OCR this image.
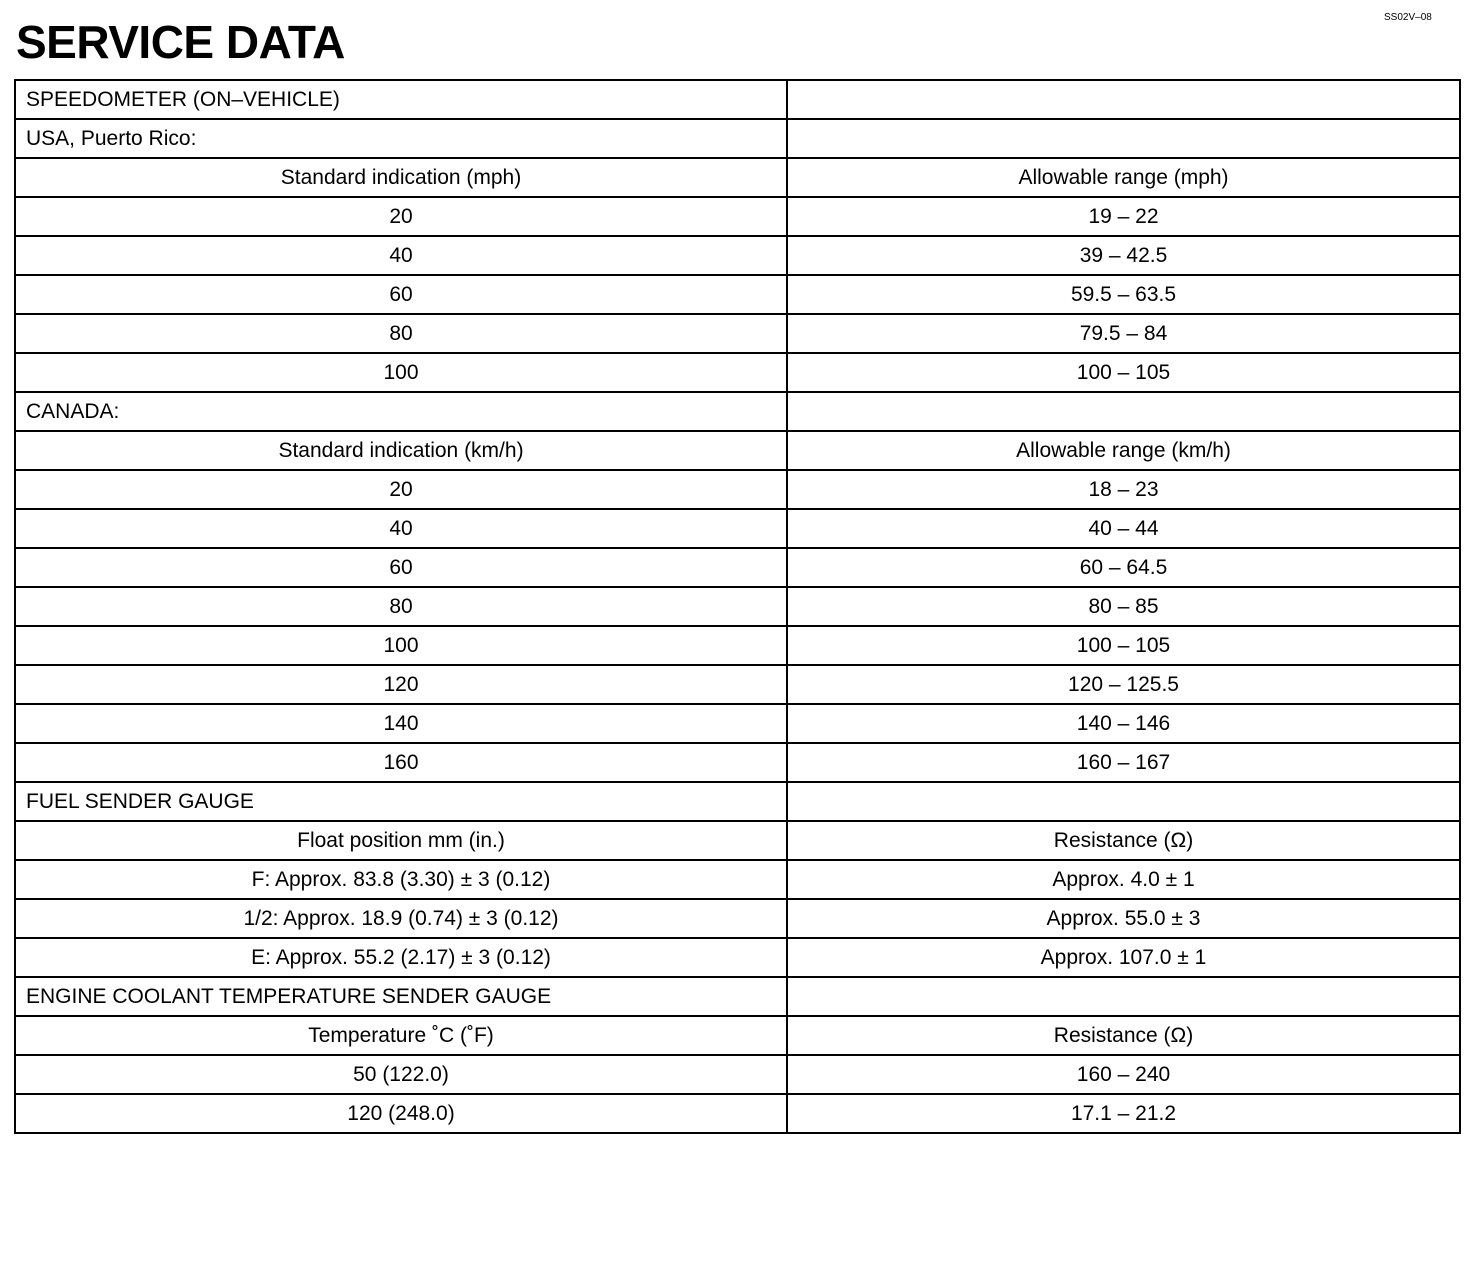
SS02V–08
SERVICE DATA
SPEEDOMETER (ON–VEHICLE)	
USA, Puerto Rico:	
Standard indication (mph)	Allowable range (mph)
20	19 – 22
40	39 – 42.5
60	59.5 – 63.5
80	79.5 – 84
100	100 – 105
CANADA:	
Standard indication (km/h)	Allowable range (km/h)
20	18 – 23
40	40 – 44
60	60 – 64.5
80	80 – 85
100	100 – 105
120	120 – 125.5
140	140 – 146
160	160 – 167
FUEL SENDER GAUGE	
Float position mm (in.)	Resistance (Ω)
F: Approx. 83.8 (3.30) ± 3 (0.12)	Approx. 4.0 ± 1
1/2: Approx. 18.9 (0.74) ± 3 (0.12)	Approx. 55.0 ± 3
E: Approx. 55.2 (2.17) ± 3 (0.12)	Approx. 107.0 ± 1
ENGINE COOLANT TEMPERATURE SENDER GAUGE	
Temperature ˚C (˚F)	Resistance (Ω)
50 (122.0)	160 – 240
120 (248.0)	17.1 – 21.2
